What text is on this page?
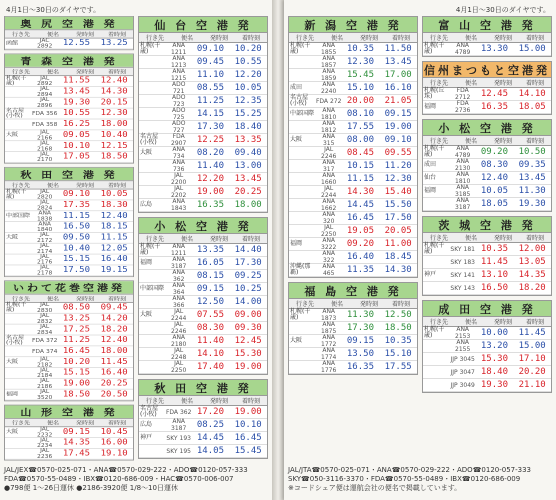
4月1日～30日のダイヤです。
奥 尻 空 港 発
行き先	便名	発時刻	着時刻
函館	JAC 2892	12.55	13.25
青 森 空 港 発
行き先	便名	発時刻	着時刻
札幌(千歳)
JAL 2892	11.55	12.40
JAL 2894	13.45	14.30
JAL 2896	19.30	20.15
名古屋(小牧)	FDA 356 10.55	12.30
FDA 358 16.25	18.00
大阪	JAL 2166	09.05	10.40
JAL 2168	10.10	12.15
JAL 2170	17.05	18.50
秋 田 空 港 発
行き先	便名	発時刻	着時刻
札幌(千歳)
JAL 2820	09.10	10.05
JAL 2824	17.35	18.30
中部国際	ANA 1838	11.15	12.40
ANA 1840	16.50	18.15
大阪	JAL 2172	09.50	11.15
JAL 2174	10.40	12.05
JAL 2176	15.15	16.40
JAL 2178	17.50	19.15
いわて花巻空港発
行き先	便名	発時刻	着時刻
札幌(千歳)
JAL 2830	08.50	09.45
JAL 2832	13.25	14.20
JAL 2834	17.25	18.20
名古屋(小牧)	FDA 372 11.25	12.40
FDA 374 16.45	18.00
大阪	JAL 2182	10.20	11.45
JAL 2184	15.15	16.40
JAL 2186	19.00	20.25
福岡	JAL 3520	18.50	20.50
山 形 空 港 発
行き先	便名	発時刻	着時刻
大阪	JAL 2232	09.15	10.45
JAL 2234	14.35	16.00
JAL 2236	17.45	19.10
仙 台 空 港 発
行き先	便名	発時刻	着時刻
札幌(千歳)
ANA 1211	09.10	10.20
ANA 1213	09.45	10.55
ANA 1215	11.10	12.20
ADO 721	08.55	10.05
ADO 723	11.25	12.35
ADO 725	14.15	15.25
ADO 727	17.30	18.40
名古屋(小牧)
FDA 2907	12.25	13.35
大阪	ANA 734	08.20	09.40
ANA 736	11.40	13.00
JAL 2200	12.20	13.45
JAL 2202	19.00	20.25
広島	ANA 1843	16.35	18.00
小 松 空 港 発
行き先	便名	発時刻	着時刻
札幌(千歳)
ANA 1211	13.35	14.40
福岡	ANA 3187	16.05	17.30
ANA 362	08.15	09.25
中部国際	ANA 364	09.15	10.25
ANA 366	12.50	14.00
大阪	JAL 2244	07.55	09.00
JAL 2246	08.30	09.30
ANA 2180	11.40	12.45
JAL 2248	14.10	15.30
JAL 2250	17.40	19.00
秋 田 空 港 発
行き先	便名	発時刻	着時刻
名古屋(小牧)	FDA 362 17.20	19.00
広島	ANA 3187	08.25	10.10
神戸	SKY 193 14.45	16.45
SKY 195 14.05	15.45
JAL/JEX☎0570-025-071・ANA☎0570-029-222・ADO☎0120-057-333
FDA☎0570-55-0489・IBX☎0120-686-009・HAC☎0570-006-007
●798便 1～26日運休 ●2186-3920便 1/8～10日運休
4月1日～30日のダイヤです。
新 潟 空 港 発
行き先	便名	発時刻	着時刻
札幌(千歳)
ANA 1855	10.35	11.50
ANA 1857	12.30	13.45
ANA 1859	15.45	17.00
成田	ANA 2240	15.10	16.10
名古屋(小牧)	FDA 272 20.00	21.05
中部国際	ANA 1810	08.10	09.15
ANA 1812	17.55	19.00
大阪	ANA 315	08.00	09.10
JAL 2246	08.45	09.55
ANA 317	10.15	11.20
ANA 1660	11.15	12.30
JAL 2244	14.30	15.40
ANA 1662	14.45	15.50
ANA 320	16.45	17.50
JAL 2250	19.05	20.05
福岡	ANA 3222	09.20	11.00
ANA 322	16.40	18.45
沖縄(那覇)
ANA 465	11.35	14.30
福 島 空 港 発
行き先	便名	発時刻	着時刻
札幌(千歳)
ANA 1873	11.30	12.50
ANA 1875	17.30	18.50
大阪	ANA 1772	09.15	10.35
ANA 1774	13.50	15.10
ANA 1776	16.35	17.55
富 山 空 港 発
行き先	便名	発時刻	着時刻
札幌(千歳)
ANA 4789	13.30	15.00
信州まつもと空港発
行き先	便名	発時刻	着時刻
札幌(丘珠)
FDA 2712	12.45	14.10
福岡	FDA 2736	16.35	18.05
小 松 空 港 発
行き先	便名	発時刻	着時刻
札幌(千歳)
ANA 4789	09.20	10.50
成田	ANA 2130	08.30	09.35
仙台	ANA 1810	12.40	13.45
福岡	ANA 3185	10.05	11.30
ANA 3187	18.05	19.30
茨 城 空 港 発
行き先	便名	発時刻	着時刻
札幌(千歳)	SKY 181 10.35	12.00
SKY 183 11.45	13.05
神戸	SKY 141 13.10	14.35
SKY 143 16.50	18.20
成 田 空 港 発
行き先	便名	発時刻	着時刻
札幌(千歳)
ANA 2153	10.00	11.45
ANA 2155	13.20	15.00
JJP 3045 15.30	17.10
JJP 3047 18.40	20.20
JJP 3049 19.30	21.10
JAL/JTA☎0570-025-071・ANA☎0570-029-222・ADO☎0120-057-333
SKY☎050-3116-3370・FDA☎0570-55-0489・IBX☎0120-686-009
※コードシェア便は運航会社の便名で掲載しています。
